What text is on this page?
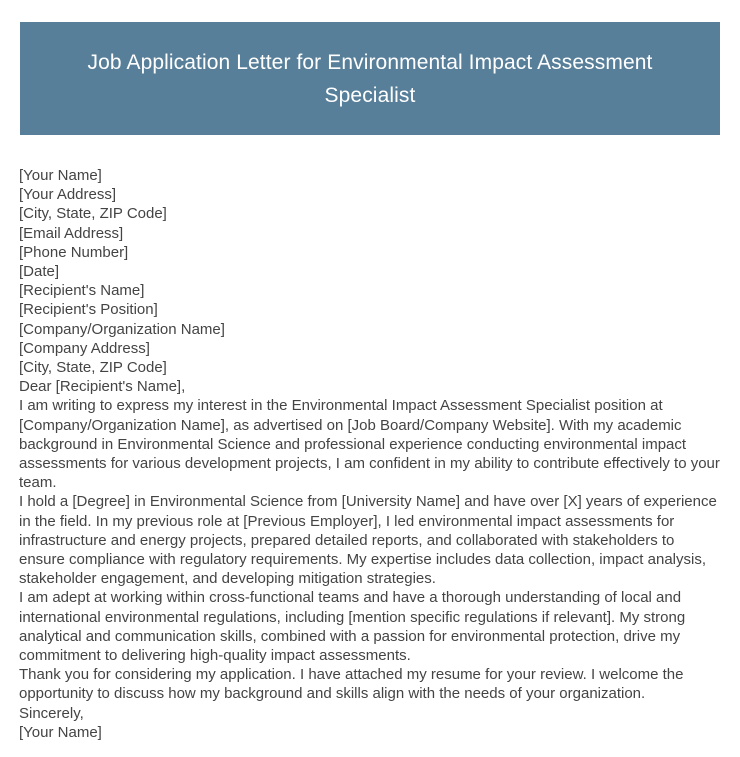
Job Application Letter for Environmental Impact Assessment Specialist
[Your Name]
[Your Address]
[City, State, ZIP Code]
[Email Address]
[Phone Number]
[Date]
[Recipient's Name]
[Recipient's Position]
[Company/Organization Name]
[Company Address]
[City, State, ZIP Code]
Dear [Recipient's Name],

I am writing to express my interest in the Environmental Impact Assessment Specialist position at [Company/Organization Name], as advertised on [Job Board/Company Website]. With my academic background in Environmental Science and professional experience conducting environmental impact assessments for various development projects, I am confident in my ability to contribute effectively to your team.

I hold a [Degree] in Environmental Science from [University Name] and have over [X] years of experience in the field. In my previous role at [Previous Employer], I led environmental impact assessments for infrastructure and energy projects, prepared detailed reports, and collaborated with stakeholders to ensure compliance with regulatory requirements. My expertise includes data collection, impact analysis, stakeholder engagement, and developing mitigation strategies.

I am adept at working within cross-functional teams and have a thorough understanding of local and international environmental regulations, including [mention specific regulations if relevant]. My strong analytical and communication skills, combined with a passion for environmental protection, drive my commitment to delivering high-quality impact assessments.

Thank you for considering my application. I have attached my resume for your review. I welcome the opportunity to discuss how my background and skills align with the needs of your organization.

Sincerely,
[Your Name]
